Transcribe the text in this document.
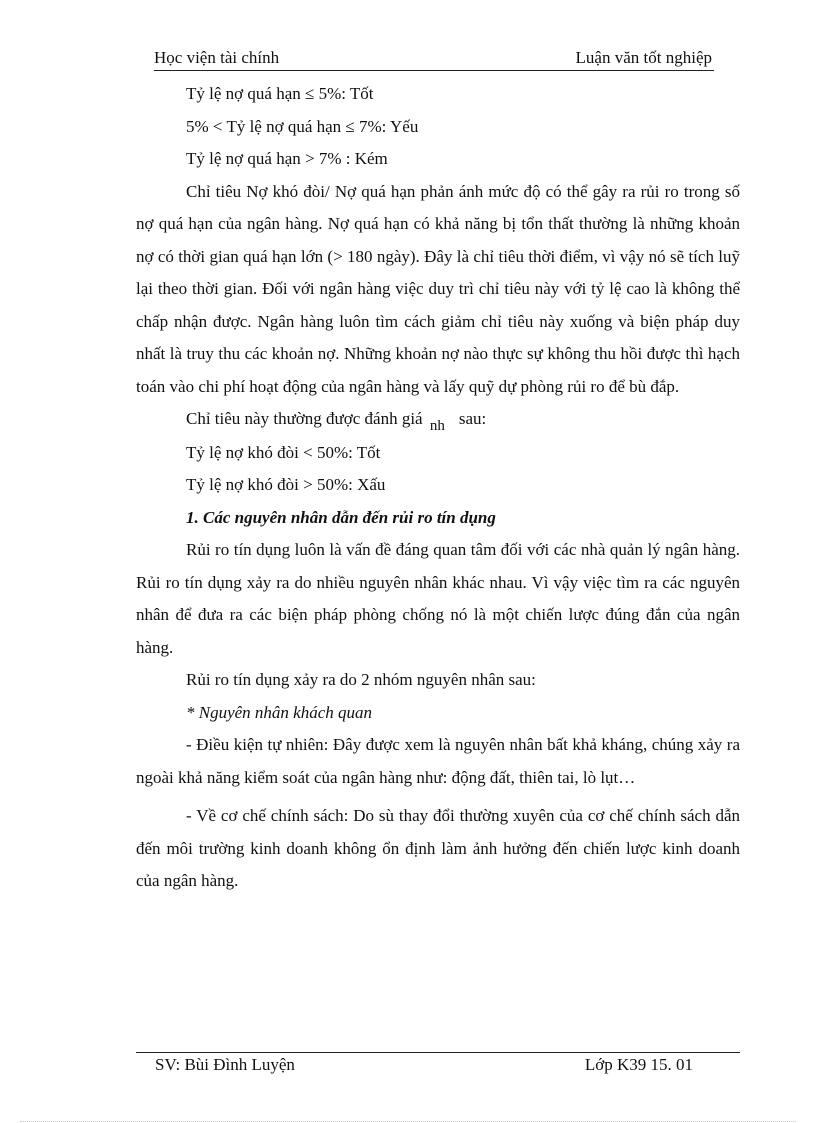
Học viện tài chính	Luận văn tốt nghiệp

Tỷ lệ nợ quá hạn ≤ 5%: Tốt

5% < Tỷ lệ nợ quá hạn ≤ 7%: Yếu

Tỷ lệ nợ quá hạn > 7% : Kém

Chỉ tiêu Nợ khó đòi/ Nợ quá hạn phản ánh mức độ có thể gây ra rủi ro trong số nợ quá hạn của ngân hàng. Nợ quá hạn có khả năng bị tổn thất thường là những khoản nợ có thời gian quá hạn lớn (> 180 ngày). Đây là chỉ tiêu thời điểm, vì vậy nó sẽ tích luỹ lại theo thời gian. Đối với ngân hàng việc duy trì chỉ tiêu này với tỷ lệ cao là không thể chấp nhận được. Ngân hàng luôn tìm cách giảm chỉ tiêu này xuống và biện pháp duy nhất là truy thu các khoản nợ. Những khoản nợ nào thực sự không thu hồi được thì hạch toán vào chi phí hoạt động của ngân hàng và lấy quỹ dự phòng rủi ro để bù đắp.

Chỉ tiêu này thường được đánh giá nh sau:

Tỷ lệ nợ khó đòi < 50%: Tốt

Tỷ lệ nợ khó đòi > 50%: Xấu

1. Các nguyên nhân dẫn đến rủi ro tín dụng

Rủi ro tín dụng luôn là vấn đề đáng quan tâm đối với các nhà quản lý ngân hàng. Rủi ro tín dụng xảy ra do nhiều nguyên nhân khác nhau. Vì vậy việc tìm ra các nguyên nhân để đưa ra các biện pháp phòng chống nó là một chiến lược đúng đắn của ngân hàng.

Rủi ro tín dụng xảy ra do 2 nhóm nguyên nhân sau:

* Nguyên nhân khách quan

- Điều kiện tự nhiên: Đây được xem là nguyên nhân bất khả kháng, chúng xảy ra ngoài khả năng kiểm soát của ngân hàng như: động đất, thiên tai, lò lụt…

- Về cơ chế chính sách: Do sù thay đổi thường xuyên của cơ chế chính sách dẫn đến môi trường kinh doanh không ổn định làm ảnh hưởng đến chiến lược kinh doanh của ngân hàng.

SV: Bùi Đình Luyện	Lớp K39 15. 01
